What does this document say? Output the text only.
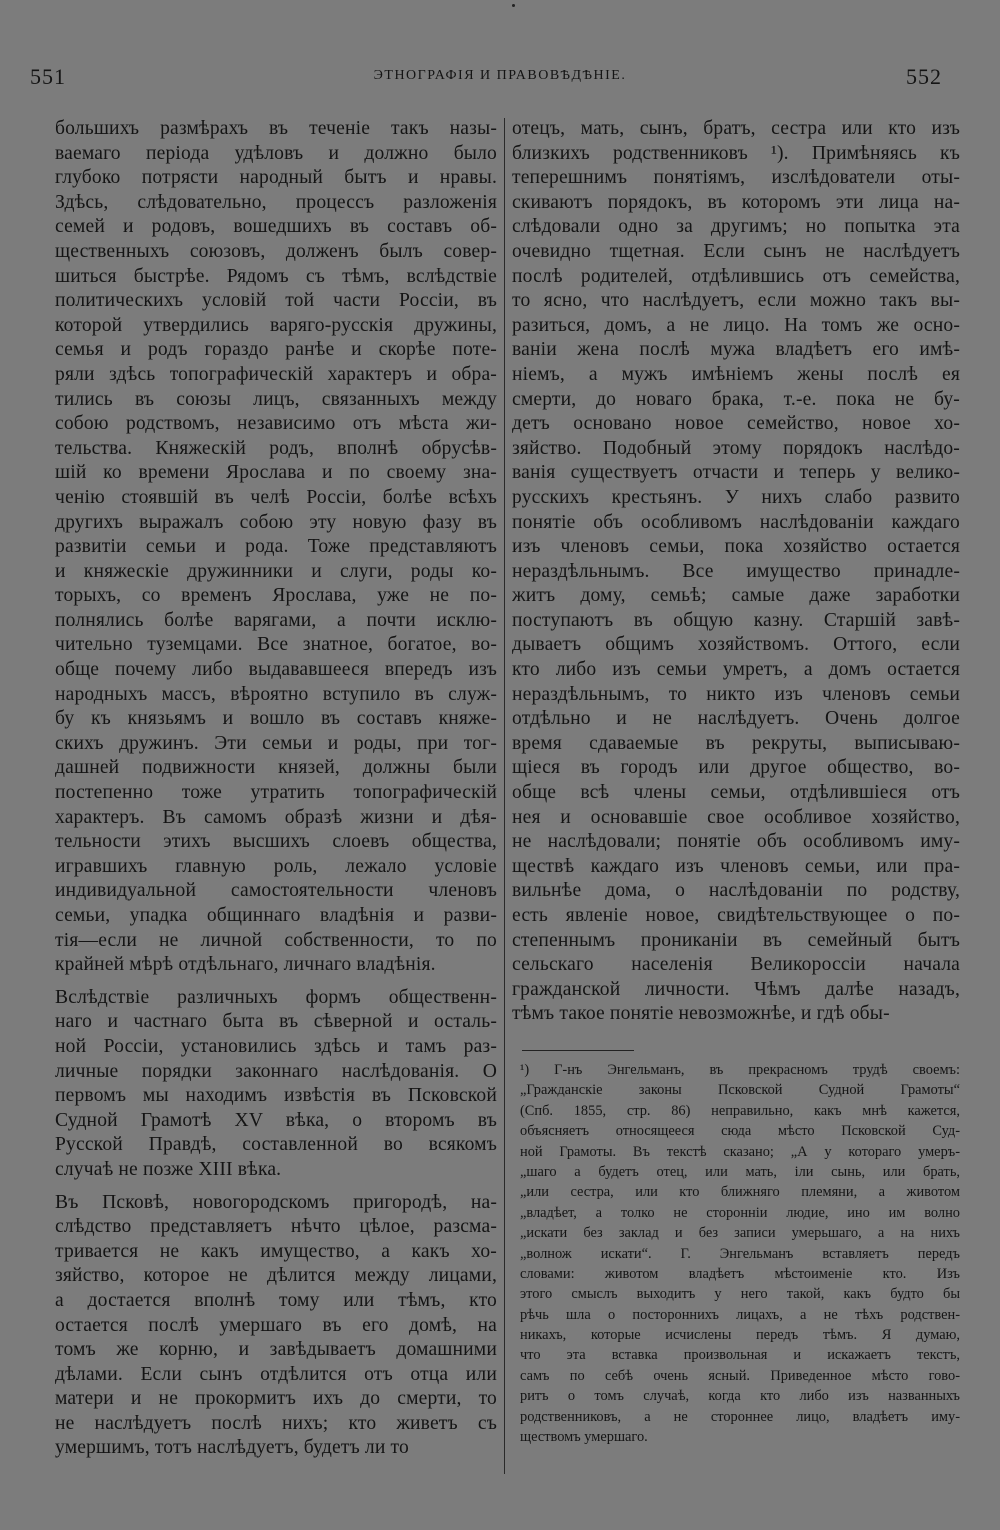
551	ЭТНОГРАФІЯ И ПРАВОВѢДѢНІЕ.	552
большихъ размѣрахъ въ теченіе такъ назы-
ваемаго періода удѣловъ и должно было
глубоко потрясти народный бытъ и нравы.
Здѣсь, слѣдовательно, процессъ разложенія
семей и родовъ, вошедшихъ въ составъ об-
щественныхъ союзовъ, долженъ былъ совер-
шиться быстрѣе. Рядомъ съ тѣмъ, вслѣдствіе
политическихъ условій той части Россіи, въ
которой утвердились варяго-русскія дружины,
семья и родъ гораздо ранѣе и скорѣе поте-
ряли здѣсь топографическій характеръ и обра-
тились въ союзы лицъ, связанныхъ между
собою родствомъ, независимо отъ мѣста жи-
тельства. Княжескій родъ, вполнѣ обрусѣв-
шій ко времени Ярослава и по своему зна-
ченію стоявшій въ челѣ Россіи, болѣе всѣхъ
другихъ выражалъ собою эту новую фазу въ
развитіи семьи и рода. Тоже представляютъ
и княжескіе дружинники и слуги, роды ко-
торыхъ, со временъ Ярослава, уже не по-
полнялись болѣе варягами, а почти исклю-
чительно туземцами. Все знатное, богатое, во-
обще почему либо выдававшееся впередъ изъ
народныхъ массъ, вѣроятно вступило въ служ-
бу къ князьямъ и вошло въ составъ княже-
скихъ дружинъ. Эти семьи и роды, при тог-
дашней подвижности князей, должны были
постепенно тоже утратить топографическій
характеръ. Въ самомъ образѣ жизни и дѣя-
тельности этихъ высшихъ слоевъ общества,
игравшихъ главную роль, лежало условіе
индивидуальной самостоятельности членовъ
семьи, упадка общиннаго владѣнія и разви-
тія—если не личной собственности, то по
крайней мѣрѣ отдѣльнаго, личнаго владѣнія.
Вслѣдствіе различныхъ формъ общественн-
наго и частнаго быта въ сѣверной и осталь-
ной Россіи, установились здѣсь и тамъ раз-
личные порядки законнаго наслѣдованія. О
первомъ мы находимъ извѣстія въ Псковской
Судной Грамотѣ XV вѣка, о второмъ въ
Русской Правдѣ, составленной во всякомъ
случаѣ не позже XIII вѣка.
Въ Псковѣ, новогородскомъ пригородѣ, на-
слѣдство представляетъ нѣчто цѣлое, разсма-
тривается не какъ имущество, а какъ хо-
зяйство, которое не дѣлится между лицами,
а достается вполнѣ тому или тѣмъ, кто
остается послѣ умершаго въ его домѣ, на
томъ же корню, и завѣдываетъ домашними
дѣлами. Если сынъ отдѣлится отъ отца или
матери и не прокормитъ ихъ до смерти, то
не наслѣдуетъ послѣ нихъ; кто живетъ съ
умершимъ, тотъ наслѣдуетъ, будетъ ли то
отецъ, мать, сынъ, братъ, сестра или кто изъ
близкихъ родственниковъ ¹). Примѣняясь къ
теперешнимъ понятіямъ, изслѣдователи оты-
скиваютъ порядокъ, въ которомъ эти лица на-
слѣдовали одно за другимъ; но попытка эта
очевидно тщетная. Если сынъ не наслѣдуетъ
послѣ родителей, отдѣлившись отъ семейства,
то ясно, что наслѣдуетъ, если можно такъ вы-
разиться, домъ, а не лицо. На томъ же осно-
ваніи жена послѣ мужа владѣетъ его имѣ-
ніемъ, а мужъ имѣніемъ жены послѣ ея
смерти, до новаго брака, т.-е. пока не бу-
детъ основано новое семейство, новое хо-
зяйство. Подобный этому порядокъ наслѣдо-
ванія существуетъ отчасти и теперь у велико-
русскихъ крестьянъ. У нихъ слабо развито
понятіе объ особливомъ наслѣдованіи каждаго
изъ членовъ семьи, пока хозяйство остается
нераздѣльнымъ. Все имущество принадле-
житъ дому, семьѣ; самые даже заработки
поступаютъ въ общую казну. Старшій завѣ-
дываетъ общимъ хозяйствомъ. Оттого, если
кто либо изъ семьи умретъ, а домъ остается
нераздѣльнымъ, то никто изъ членовъ семьи
отдѣльно и не наслѣдуетъ. Очень долгое
время сдаваемые въ рекруты, выписываю-
щіеся въ городъ или другое общество, во-
обще всѣ члены семьи, отдѣлившіеся отъ
нея и основавшіе свое особливое хозяйство,
не наслѣдовали; понятіе объ особливомъ иму-
ществѣ каждаго изъ членовъ семьи, или пра-
вильнѣе дома, о наслѣдованіи по родству,
есть явленіе новое, свидѣтельствующее о по-
степеннымъ прониканіи въ семейный бытъ
сельскаго населенія Великороссіи начала
гражданской личности. Чѣмъ далѣе назадъ,
тѣмъ такое понятіе невозможнѣе, и гдѣ обы-
¹) Г-нъ Энгельманъ, въ прекрасномъ трудѣ своемъ:
„Гражданскіе законы Псковской Судной Грамоты“
(Спб. 1855, стр. 86) неправильно, какъ мнѣ кажется,
объясняетъ относящееся сюда мѣсто Псковской Суд-
ной Грамоты. Въ текстѣ сказано; „А у котораго умеръ-
„шаго а будетъ отец, или мать, іли сынь, или брать,
„или сестра, или кто ближняго племяни, а животом
„владѣет, а толко не сторонніи людие, ино им волно
„искати без заклад и без записи умерьшаго, а на нихъ
„волнож искати“. Г. Энгельманъ вставляетъ передъ
словами: животом владѣетъ мѣстоименіе кто. Изъ
этого смыслъ выходитъ у него такой, какъ будто бы
рѣчь шла о постороннихъ лицахъ, а не тѣхъ родствен-
никахъ, которые исчислены передъ тѣмъ. Я думаю,
что эта вставка произвольная и искажаетъ текстъ,
самъ по себѣ очень ясный. Приведенное мѣсто гово-
ритъ о томъ случаѣ, когда кто либо изъ названныхъ
родственниковъ, а не стороннее лицо, владѣетъ иму-
ществомъ умершаго.
